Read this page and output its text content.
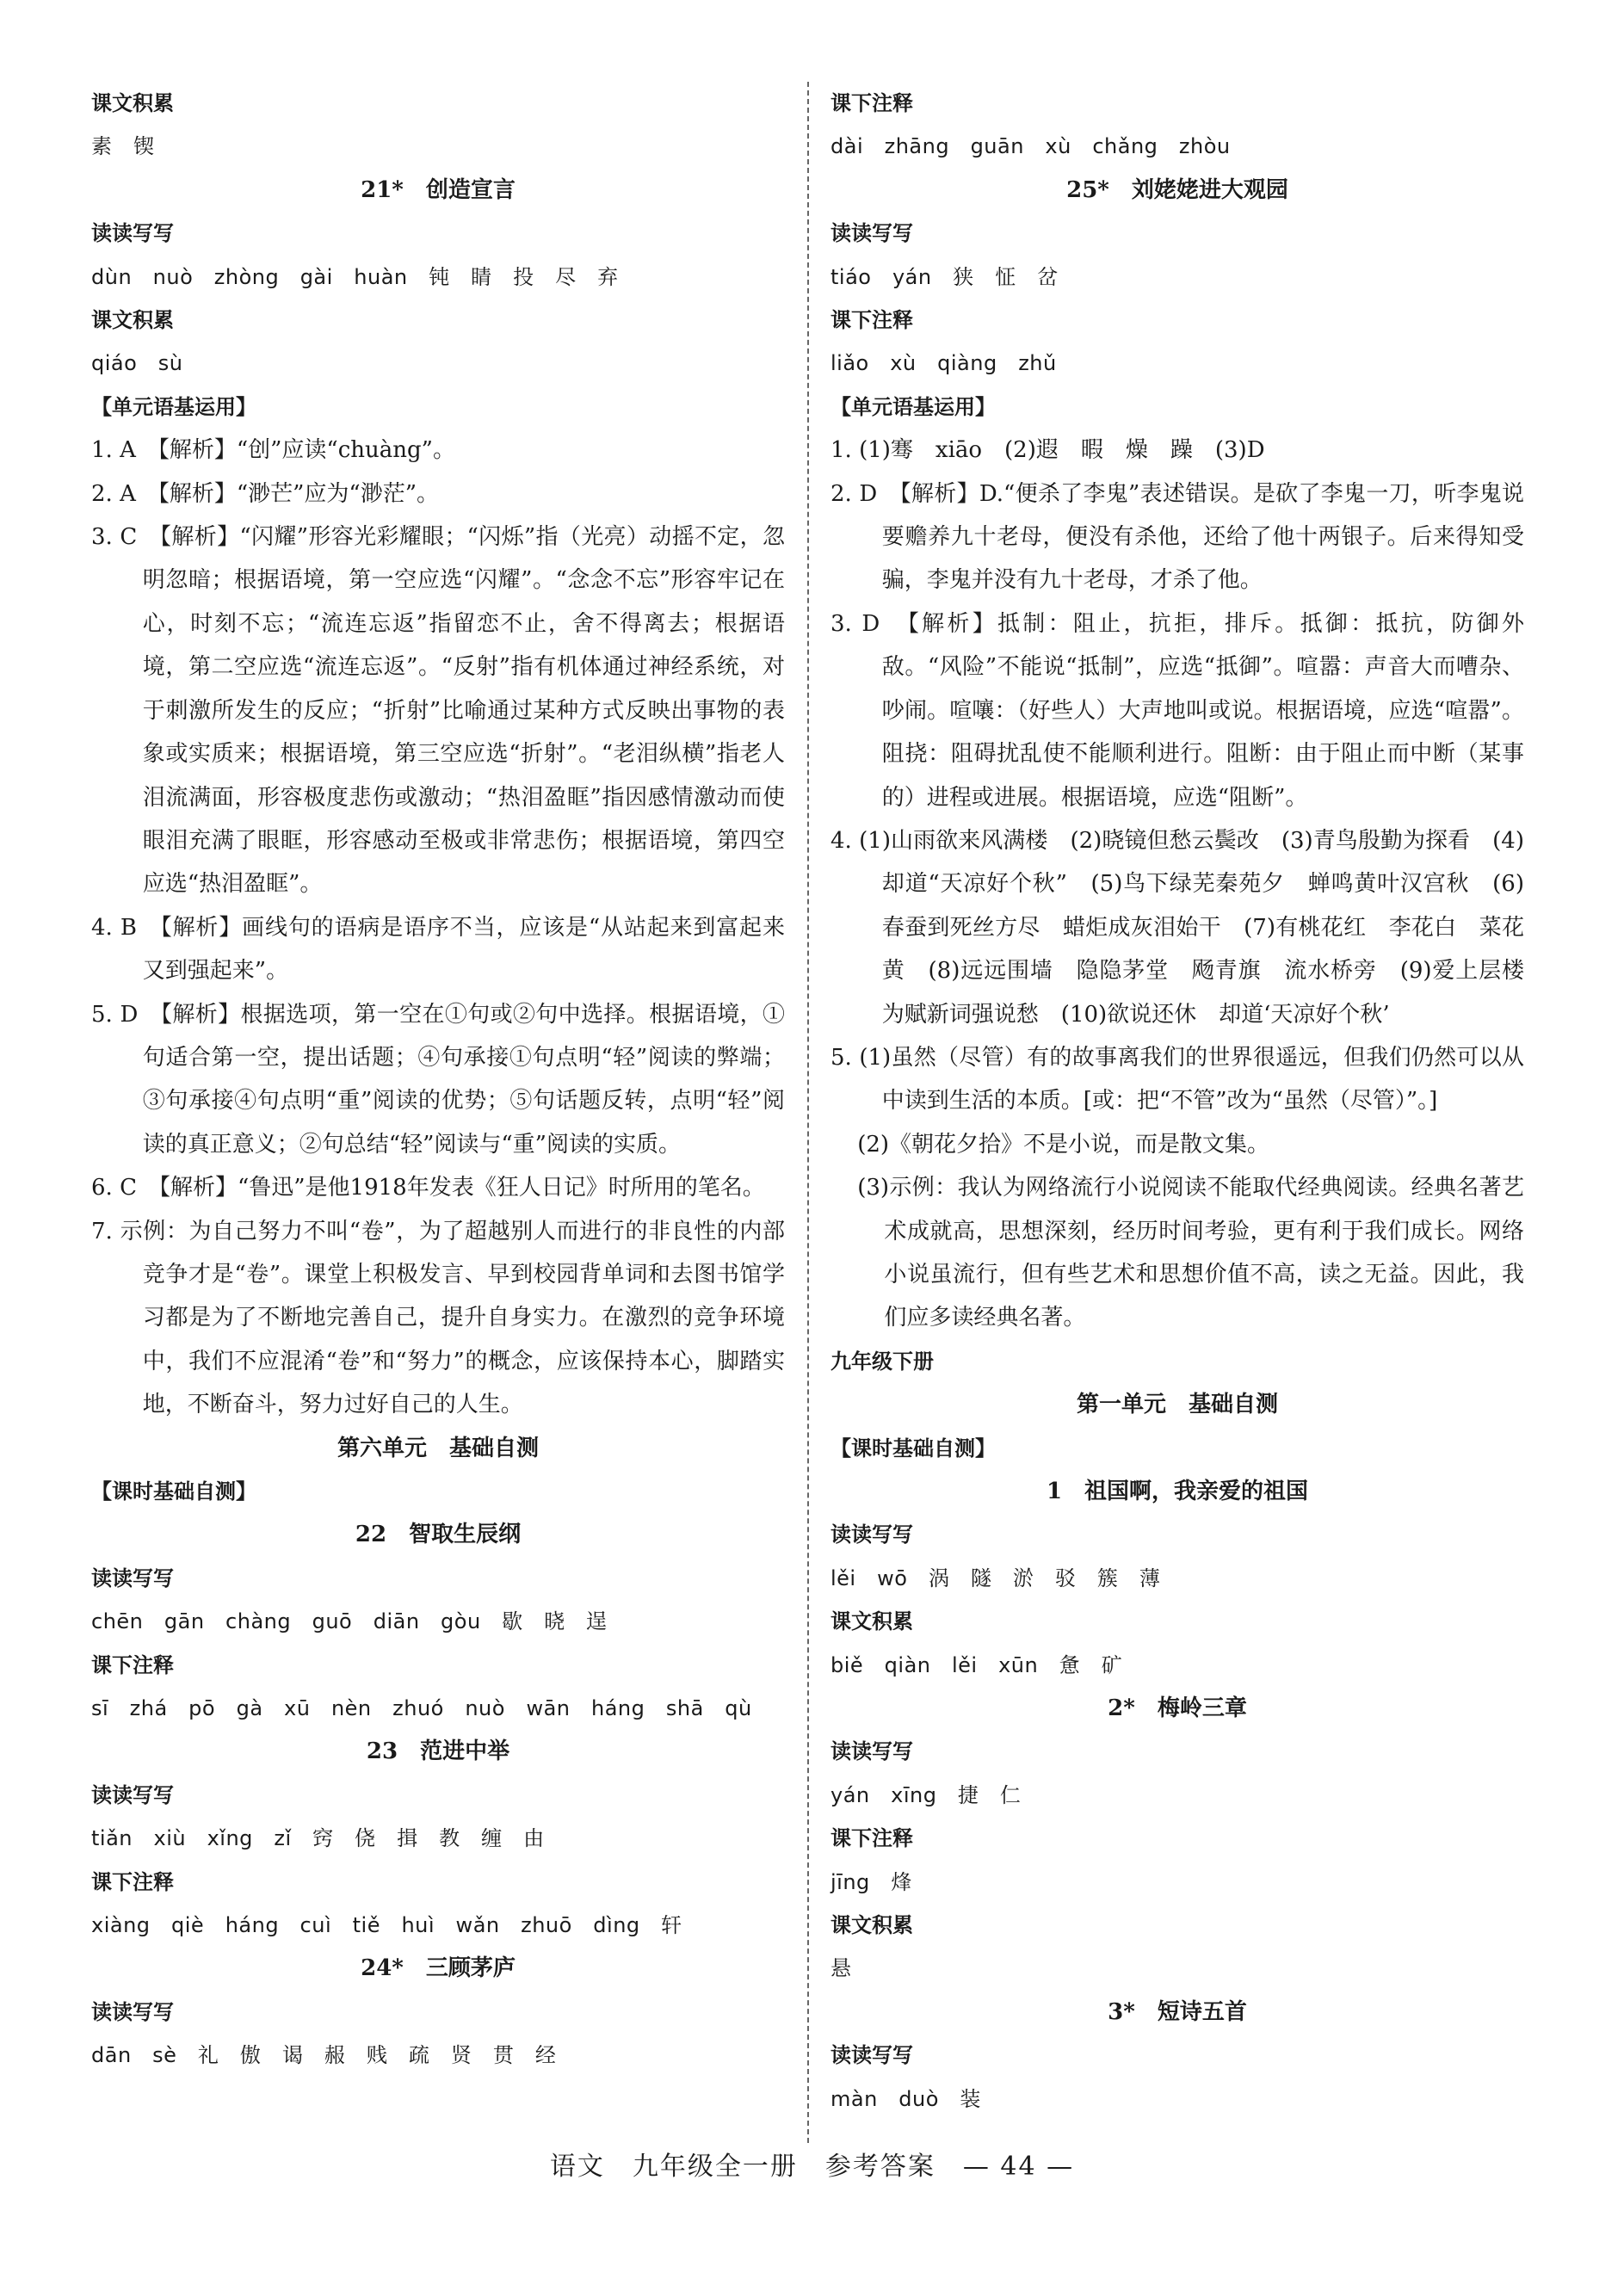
课文积累

素　锲

21*　创造宣言

读读写写

dùn　nuò　zhòng　gài　huàn　钝　睛　投　尽　弃

课文积累

qiáo　sù

【单元语基运用】

1. A　【解析】“创”应读“chuàng”。

2. A　【解析】“渺芒”应为“渺茫”。

3. C　【解析】“闪耀”形容光彩耀眼；“闪烁”指（光亮）动摇不定，忽明忽暗；根据语境，第一空应选“闪耀”。“念念不忘”形容牢记在心，时刻不忘；“流连忘返”指留恋不止，舍不得离去；根据语境，第二空应选“流连忘返”。“反射”指有机体通过神经系统，对于刺激所发生的反应；“折射”比喻通过某种方式反映出事物的表象或实质来；根据语境，第三空应选“折射”。“老泪纵横”指老人泪流满面，形容极度悲伤或激动；“热泪盈眶”指因感情激动而使眼泪充满了眼眶，形容感动至极或非常悲伤；根据语境，第四空应选“热泪盈眶”。

4. B　【解析】画线句的语病是语序不当，应该是“从站起来到富起来又到强起来”。

5. D　【解析】根据选项，第一空在①句或②句中选择。根据语境，①句适合第一空，提出话题；④句承接①句点明“轻”阅读的弊端；③句承接④句点明“重”阅读的优势；⑤句话题反转，点明“轻”阅读的真正意义；②句总结“轻”阅读与“重”阅读的实质。

6. C　【解析】“鲁迅”是他1918年发表《狂人日记》时所用的笔名。

7. 示例：为自己努力不叫“卷”，为了超越别人而进行的非良性的内部竞争才是“卷”。课堂上积极发言、早到校园背单词和去图书馆学习都是为了不断地完善自己，提升自身实力。在激烈的竞争环境中，我们不应混淆“卷”和“努力”的概念，应该保持本心，脚踏实地，不断奋斗，努力过好自己的人生。

第六单元　基础自测

【课时基础自测】

22　智取生辰纲

读读写写

chēn　gān　chàng　guō　diān　gòu　歇　晓　逞

课下注释

sī　zhá　pō　gà　xū　nèn　zhuó　nuò　wān　háng　shā　qù

23　范进中举

读读写写

tiǎn　xiù　xǐng　zǐ　窍　侥　揖　教　缠　由

课下注释

xiàng　qiè　háng　cuì　tiě　huì　wǎn　zhuō　dìng　轩

24*　三顾茅庐

读读写写

dān　sè　礼　傲　谒　赧　贱　疏　贤　贯　经

课下注释

dài　zhāng　guān　xù　chǎng　zhòu

25*　刘姥姥进大观园

读读写写

tiáo　yán　狭　怔　岔

课下注释

liǎo　xù　qiàng　zhǔ

【单元语基运用】

1. (1)骞　xiāo　(2)遐　暇　燥　躁　(3)D

2. D　【解析】D.“便杀了李鬼”表述错误。是砍了李鬼一刀，听李鬼说要赡养九十老母，便没有杀他，还给了他十两银子。后来得知受骗，李鬼并没有九十老母，才杀了他。

3. D　【解析】抵制：阻止，抗拒，排斥。抵御：抵抗，防御外敌。“风险”不能说“抵制”，应选“抵御”。喧嚣：声音大而嘈杂、吵闹。喧嚷：（好些人）大声地叫或说。根据语境，应选“喧嚣”。阻挠：阻碍扰乱使不能顺利进行。阻断：由于阻止而中断（某事的）进程或进展。根据语境，应选“阻断”。

4. (1)山雨欲来风满楼　(2)晓镜但愁云鬓改　(3)青鸟殷勤为探看　(4)却道“天凉好个秋”　(5)鸟下绿芜秦苑夕　蝉鸣黄叶汉宫秋　(6)春蚕到死丝方尽　蜡炬成灰泪始干　(7)有桃花红　李花白　菜花黄　(8)远远围墙　隐隐茅堂　飏青旗　流水桥旁　(9)爱上层楼　为赋新词强说愁　(10)欲说还休　却道‘天凉好个秋’

5. (1)虽然（尽管）有的故事离我们的世界很遥远，但我们仍然可以从中读到生活的本质。[或：把“不管”改为“虽然（尽管）”。]

(2)《朝花夕拾》不是小说，而是散文集。

(3)示例：我认为网络流行小说阅读不能取代经典阅读。经典名著艺术成就高，思想深刻，经历时间考验，更有利于我们成长。网络小说虽流行，但有些艺术和思想价值不高，读之无益。因此，我们应多读经典名著。

九年级下册

第一单元　基础自测

【课时基础自测】

1　祖国啊，我亲爱的祖国

读读写写

lěi　wō　涡　隧　淤　驳　簇　薄

课文积累

biě　qiàn　lěi　xūn　惫　矿

2*　梅岭三章

读读写写

yán　xīng　捷　仁

课下注释

jīng　烽

课文积累

悬

3*　短诗五首

读读写写

màn　duò　装

语文　九年级全一册　参考答案　— 44 —
